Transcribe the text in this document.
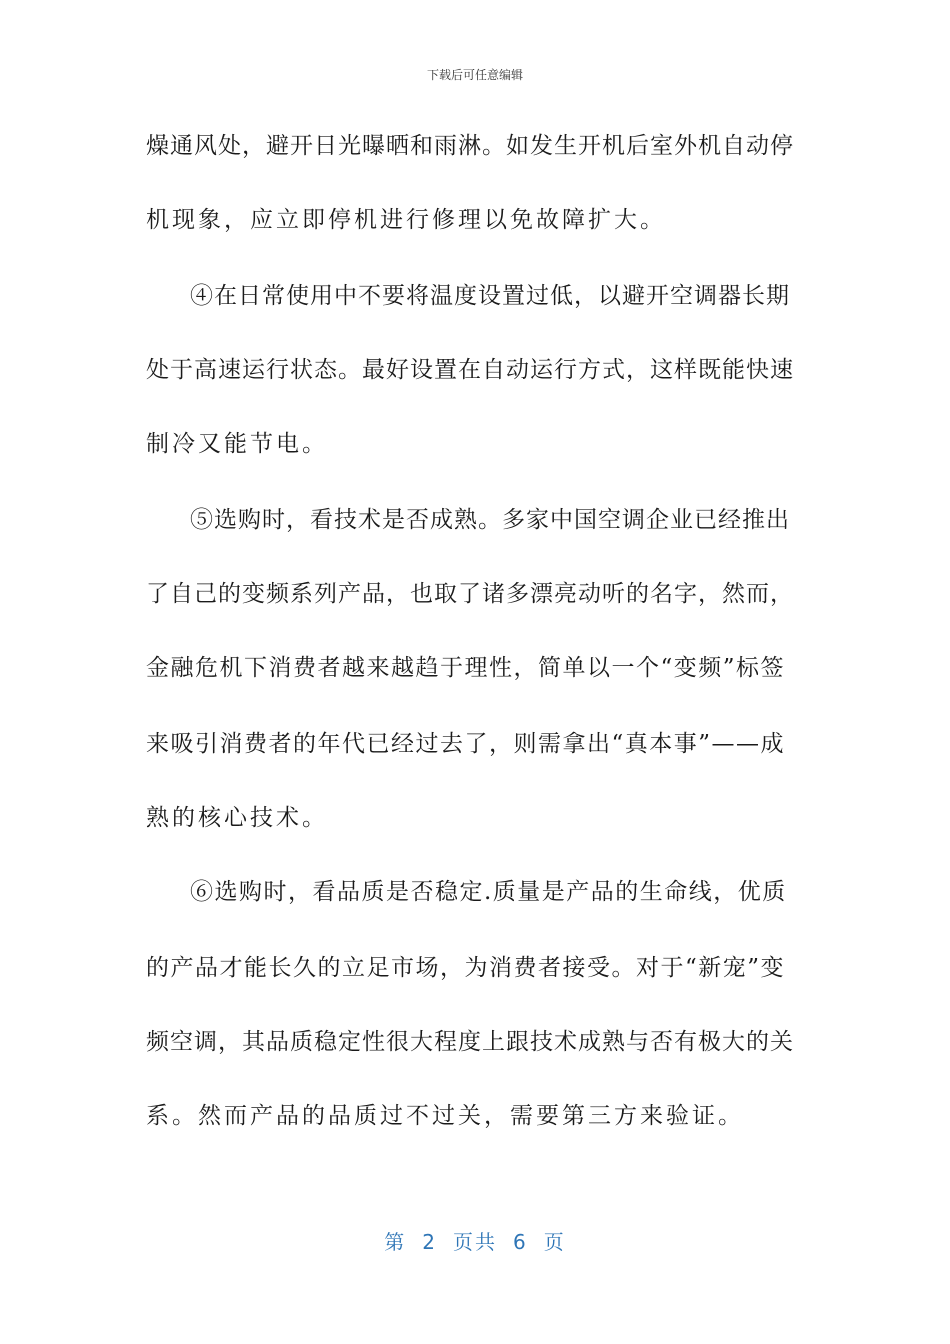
下载后可任意编辑
燥通风处，避开日光曝晒和雨淋。如发生开机后室外机自动停
机现象，应立即停机进行修理以免故障扩大。
④在日常使用中不要将温度设置过低，以避开空调器长期
处于高速运行状态。最好设置在自动运行方式，这样既能快速
制冷又能节电。
⑤选购时，看技术是否成熟。多家中国空调企业已经推出
了自己的变频系列产品，也取了诸多漂亮动听的名字，然而，
金融危机下消费者越来越趋于理性，简单以一个“变频”标签
来吸引消费者的年代已经过去了，则需拿出“真本事”——成
熟的核心技术。
⑥选购时，看品质是否稳定.质量是产品的生命线，优质
的产品才能长久的立足市场，为消费者接受。对于“新宠”变
频空调，其品质稳定性很大程度上跟技术成熟与否有极大的关
系。然而产品的品质过不过关，需要第三方来验证。
第 2 页共 6 页
